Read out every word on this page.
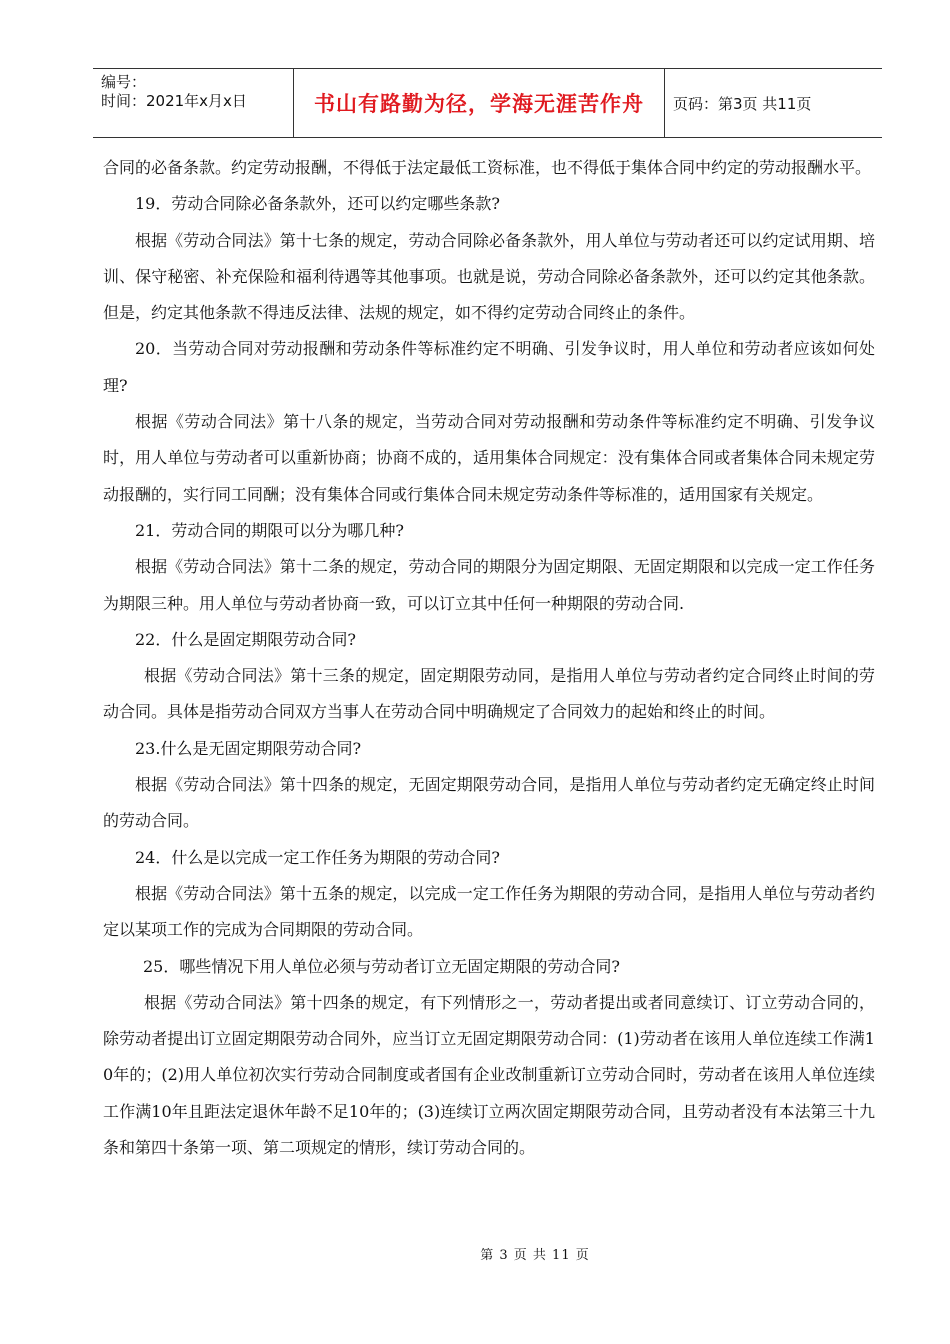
编号：
时间：2021年x月x日	书山有路勤为径，学海无涯苦作舟	页码：第3页 共11页

合同的必备条款。约定劳动报酬，不得低于法定最低工资标准，也不得低于集体合同中约定的劳动报酬水平。

19．劳动合同除必备条款外，还可以约定哪些条款?

根据《劳动合同法》第十七条的规定，劳动合同除必备条款外，用人单位与劳动者还可以约定试用期、培训、保守秘密、补充保险和福利待遇等其他事项。也就是说，劳动合同除必备条款外，还可以约定其他条款。但是，约定其他条款不得违反法律、法规的规定，如不得约定劳动合同终止的条件。

20．当劳动合同对劳动报酬和劳动条件等标准约定不明确、引发争议时，用人单位和劳动者应该如何处理?

根据《劳动合同法》第十八条的规定，当劳动合同对劳动报酬和劳动条件等标准约定不明确、引发争议时，用人单位与劳动者可以重新协商；协商不成的，适用集体合同规定：没有集体合同或者集体合同未规定劳动报酬的，实行同工同酬；没有集体合同或行集体合同未规定劳动条件等标准的，适用国家有关规定。

21．劳动合同的期限可以分为哪几种?

根据《劳动合同法》第十二条的规定，劳动合同的期限分为固定期限、无固定期限和以完成一定工作任务为期限三种。用人单位与劳动者协商一致，可以订立其中任何一种期限的劳动合同.

22．什么是固定期限劳动合同?

根据《劳动合同法》第十三条的规定，固定期限劳动同，是指用人单位与劳动者约定合同终止时间的劳动合同。具体是指劳动合同双方当事人在劳动合同中明确规定了合同效力的起始和终止的时间。

23.什么是无固定期限劳动合同?

根据《劳动合同法》第十四条的规定，无固定期限劳动合同，是指用人单位与劳动者约定无确定终止时间的劳动合同。

24．什么是以完成一定工作任务为期限的劳动合同?

根据《劳动合同法》第十五条的规定，以完成一定工作任务为期限的劳动合同，是指用人单位与劳动者约定以某项工作的完成为合同期限的劳动合同。

25．哪些情况下用人单位必须与劳动者订立无固定期限的劳动合同?

根据《劳动合同法》第十四条的规定，有下列情形之一，劳动者提出或者同意续订、订立劳动合同的，除劳动者提出订立固定期限劳动合同外，应当订立无固定期限劳动合同：(1)劳动者在该用人单位连续工作满10年的；(2)用人单位初次实行劳动合同制度或者国有企业改制重新订立劳动合同时，劳动者在该用人单位连续工作满10年且距法定退休年龄不足10年的；(3)连续订立两次固定期限劳动合同，且劳动者没有本法第三十九条和第四十条第一项、第二项规定的情形，续订劳动合同的。

第 3 页 共 11 页
